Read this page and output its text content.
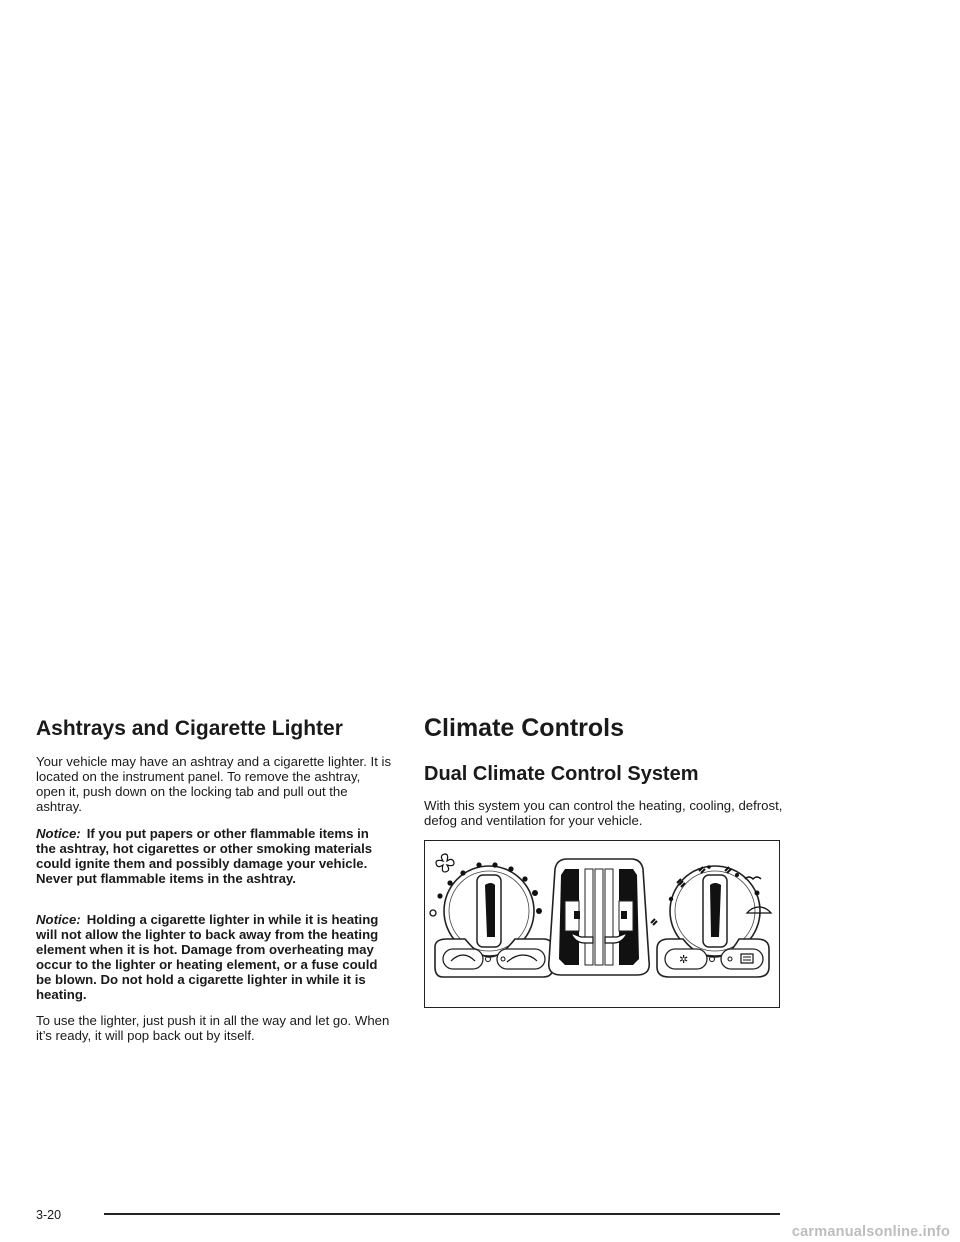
Ashtrays and Cigarette Lighter

Your vehicle may have an ashtray and a cigarette lighter. It is located on the instrument panel. To remove the ashtray, open it, push down on the locking tab and pull out the ashtray.

Notice: If you put papers or other flammable items in the ashtray, hot cigarettes or other smoking materials could ignite them and possibly damage your vehicle. Never put flammable items in the ashtray.

Notice: Holding a cigarette lighter in while it is heating will not allow the lighter to back away from the heating element when it is hot. Damage from overheating may occur to the lighter or heating element, or a fuse could be blown. Do not hold a cigarette lighter in while it is heating.

To use the lighter, just push it in all the way and let go. When it’s ready, it will pop back out by itself.

Climate Controls
Dual Climate Control System

With this system you can control the heating, cooling, defrost, defog and ventilation for your vehicle.

✲
3-20
carmanualsonline.info
